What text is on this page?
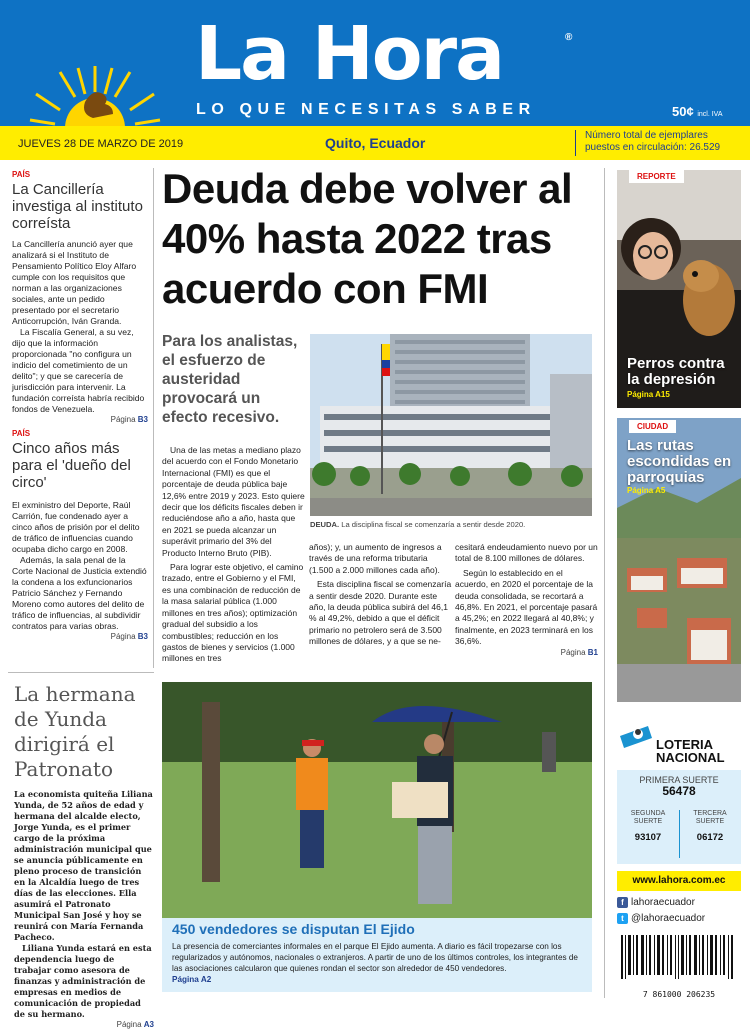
La Hora	®
LO QUE NECESITAS SABER	50¢ incl. IVA
JUEVES 28 DE MARZO DE 2019	Quito, Ecuador	Número total de ejemplares puestos en circulación: 26.529
PAÍS
La Cancillería investiga al instituto correísta
La Cancillería anunció ayer que analizará si el Instituto de Pensamiento Político Eloy Alfaro cumple con los requisitos que norman a las organizaciones sociales, ante un pedido presentado por el secretario Anticorrupción, Iván Granda.
La Fiscalía General, a su vez, dijo que la información proporcionada "no configura un indicio del cometimiento de un delito"; y que se carecería de jurisdicción para intervenir. La fundación correísta habría recibido fondos de Venezuela.
Página B3
PAÍS
Cinco años más para el 'dueño del circo'
El exministro del Deporte, Raúl Carrión, fue condenado ayer a cinco años de prisión por el delito de tráfico de influencias cuando ocupaba dicho cargo en 2008.
Además, la sala penal de la Corte Nacional de Justicia extendió la condena a los exfuncionarios Patricio Sánchez y Fernando Moreno como autores del delito de tráfico de influencias, al subdividir contratos para varias obras.
Página B3
Deuda debe volver al 40% hasta 2022 tras acuerdo con FMI
Para los analistas, el esfuerzo de austeridad provocará un efecto recesivo.
DEUDA. La disciplina fiscal se comenzaría a sentir desde 2020.
Una de las metas a mediano plazo del acuerdo con el Fondo Monetario Internacional (FMI) es que el porcentaje de deuda pública baje 12,6% entre 2019 y 2023. Esto quiere decir que los déficits fiscales deben ir reduciéndose año a año, hasta que en 2021 se pueda alcanzar un superávit primario del 3% del Producto Interno Bruto (PIB).
Para lograr este objetivo, el camino trazado, entre el Gobierno y el FMI, es una combinación de reducción de la masa salarial pública (1.000 millones en tres años); optimización gradual del subsidio a los combustibles; reducción en los gastos de bienes y servicios (1.000 millones en tres
años); y, un aumento de ingresos a través de una reforma tributaria (1.500 a 2.000 millones cada año).
Esta disciplina fiscal se comenzaría a sentir desde 2020. Durante este año, la deuda pública subirá del 46,1 % al 49,2%, debido a que el déficit primario no petrolero será de 3.500 millones de dólares, y a que se ne-
cesitará endeudamiento nuevo por un total de 8.100 millones de dólares.
Según lo establecido en el acuerdo, en 2020 el porcentaje de la deuda consolidada, se recortará a 46,8%. En 2021, el porcentaje pasará a 45,2%; en 2022 llegará al 40,8%; y finalmente, en 2023 terminará en los 36,6%.
Página B1
REPORTE
Perros contra la depresión
Página A15
CIUDAD
Las rutas escondidas en parroquias
Página A5
LOTERIA
NACIONAL
PRIMERA SUERTE
56478
SEGUNDA SUERTE
93107
TERCERA SUERTE
06172
www.lahora.com.ec
f lahoraecuador
t @lahoraecuador
7 861000 206235
La hermana de Yunda dirigirá el Patronato
La economista quiteña Liliana Yunda, de 52 años de edad y hermana del alcalde electo, Jorge Yunda, es el primer cargo de la próxima administración municipal que se anuncia públicamente en pleno proceso de transición en la Alcaldía luego de tres días de las elecciones. Ella asumirá el Patronato Municipal San José y hoy se reunirá con María Fernanda Pacheco.
Liliana Yunda estará en esta dependencia luego de trabajar como asesora de finanzas y administración de empresas en medios de comunicación de propiedad de su hermano.
Página A3
450 vendedores se disputan El Ejido
La presencia de comerciantes informales en el parque El Ejido aumenta. A diario es fácil tropezarse con los regularizados y autónomos, nacionales o extranjeros. A partir de uno de los últimos controles, los integrantes de las asociaciones calcularon que quienes rondan el sector son alrededor de 450 vendedores.
Página A2
